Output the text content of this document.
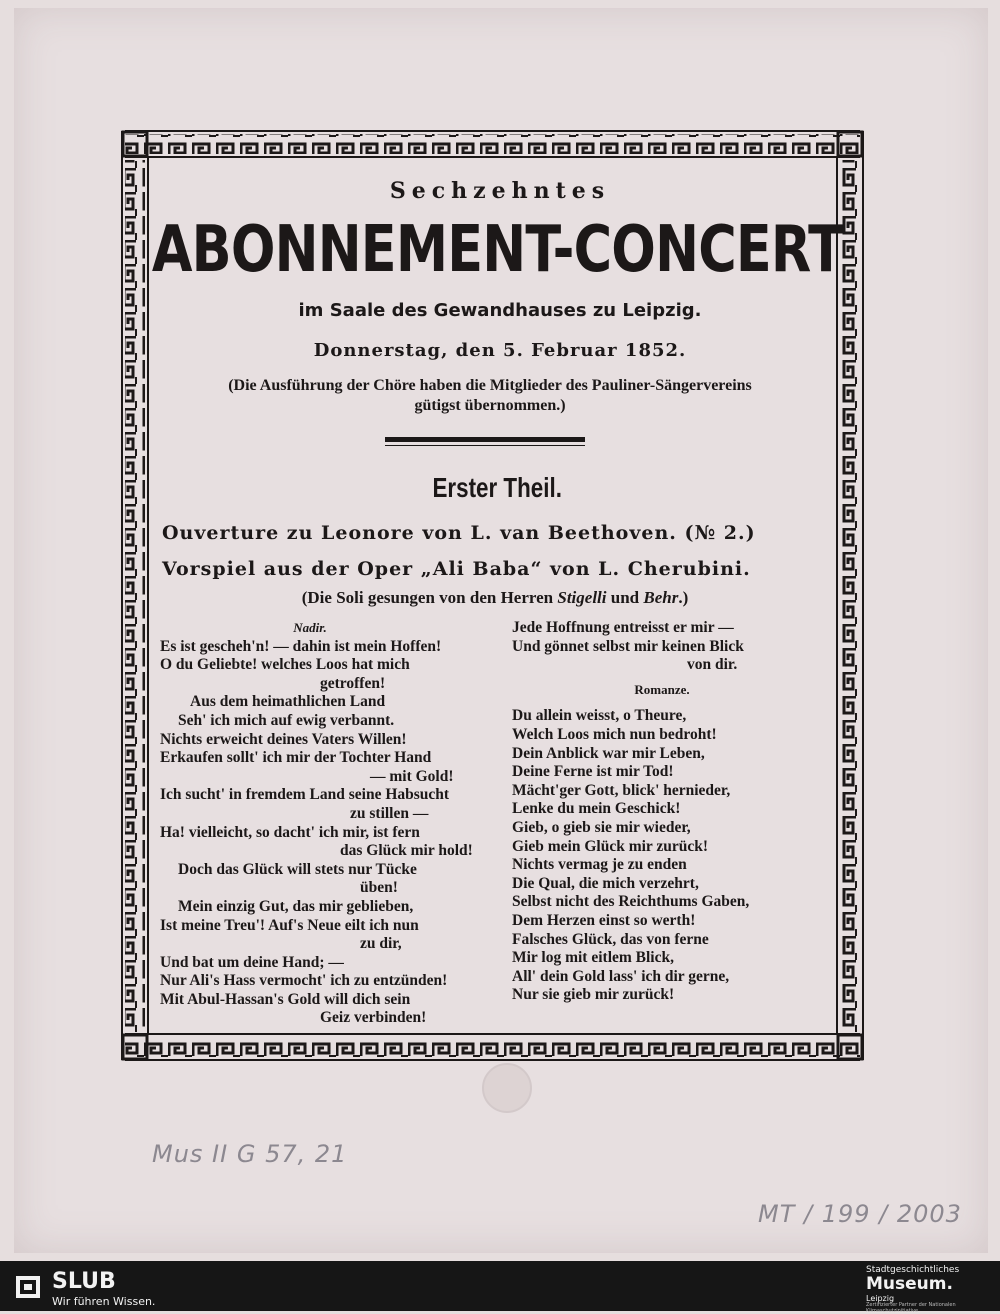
Sechzehntes
ABONNEMENT-CONCERT
im Saale des Gewandhauses zu Leipzig.
Donnerstag, den 5. Februar 1852.
(Die Ausführung der Chöre haben die Mitglieder des Pauliner-Sängervereins
gütigst übernommen.)
Erster Theil.
Ouverture zu Leonore von L. van Beethoven. (№ 2.)
Vorspiel aus der Oper „Ali Baba“ von L. Cherubini.
(Die Soli gesungen von den Herren Stigelli und Behr.)
Nadir.
Es ist gescheh'n! — dahin ist mein Hoffen!
O du Geliebte! welches Loos hat mich
getroffen!
Aus dem heimathlichen Land
Seh' ich mich auf ewig verbannt.
Nichts erweicht deines Vaters Willen!
Erkaufen sollt' ich mir der Tochter Hand
— mit Gold!
Ich sucht' in fremdem Land seine Habsucht
zu stillen —
Ha! vielleicht, so dacht' ich mir, ist fern
das Glück mir hold!
Doch das Glück will stets nur Tücke
üben!
Mein einzig Gut, das mir geblieben,
Ist meine Treu'! Auf's Neue eilt ich nun
zu dir,
Und bat um deine Hand; —
Nur Ali's Hass vermocht' ich zu entzünden!
Mit Abul-Hassan's Gold will dich sein
Geiz verbinden!
Jede Hoffnung entreisst er mir —
Und gönnet selbst mir keinen Blick
von dir.
Romanze.
Du allein weisst, o Theure,
Welch Loos mich nun bedroht!
Dein Anblick war mir Leben,
Deine Ferne ist mir Tod!
Mächt'ger Gott, blick' hernieder,
Lenke du mein Geschick!
Gieb, o gieb sie mir wieder,
Gieb mein Glück mir zurück!
Nichts vermag je zu enden
Die Qual, die mich verzehrt,
Selbst nicht des Reichthums Gaben,
Dem Herzen einst so werth!
Falsches Glück, das von ferne
Mir log mit eitlem Blick,
All' dein Gold lass' ich dir gerne,
Nur sie gieb mir zurück!
Mus II G 57, 21
MT / 199 / 2003
SLUB
Wir führen Wissen.
Stadtgeschichtliches
Museum.
Leipzig
Zertifizierter Partner der Nationalen Klimaschutzinitiative
